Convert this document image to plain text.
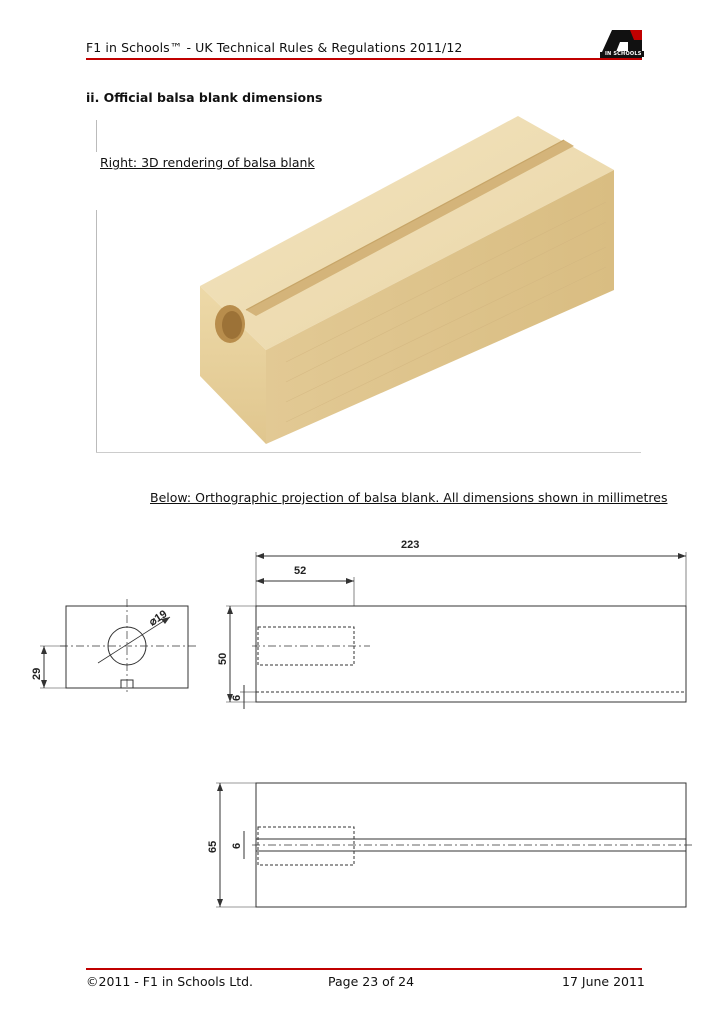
F1 in Schools™ - UK Technical Rules & Regulations 2011/12	IN SCHOOLS
ii. Official balsa blank dimensions
Right: 3D rendering of balsa blank
Below: Orthographic projection of balsa blank. All dimensions shown in millimetres
223
52
⌀19
29
50
6
65 6
©2011 - F1 in Schools Ltd.	Page 23 of 24	17 June 2011
